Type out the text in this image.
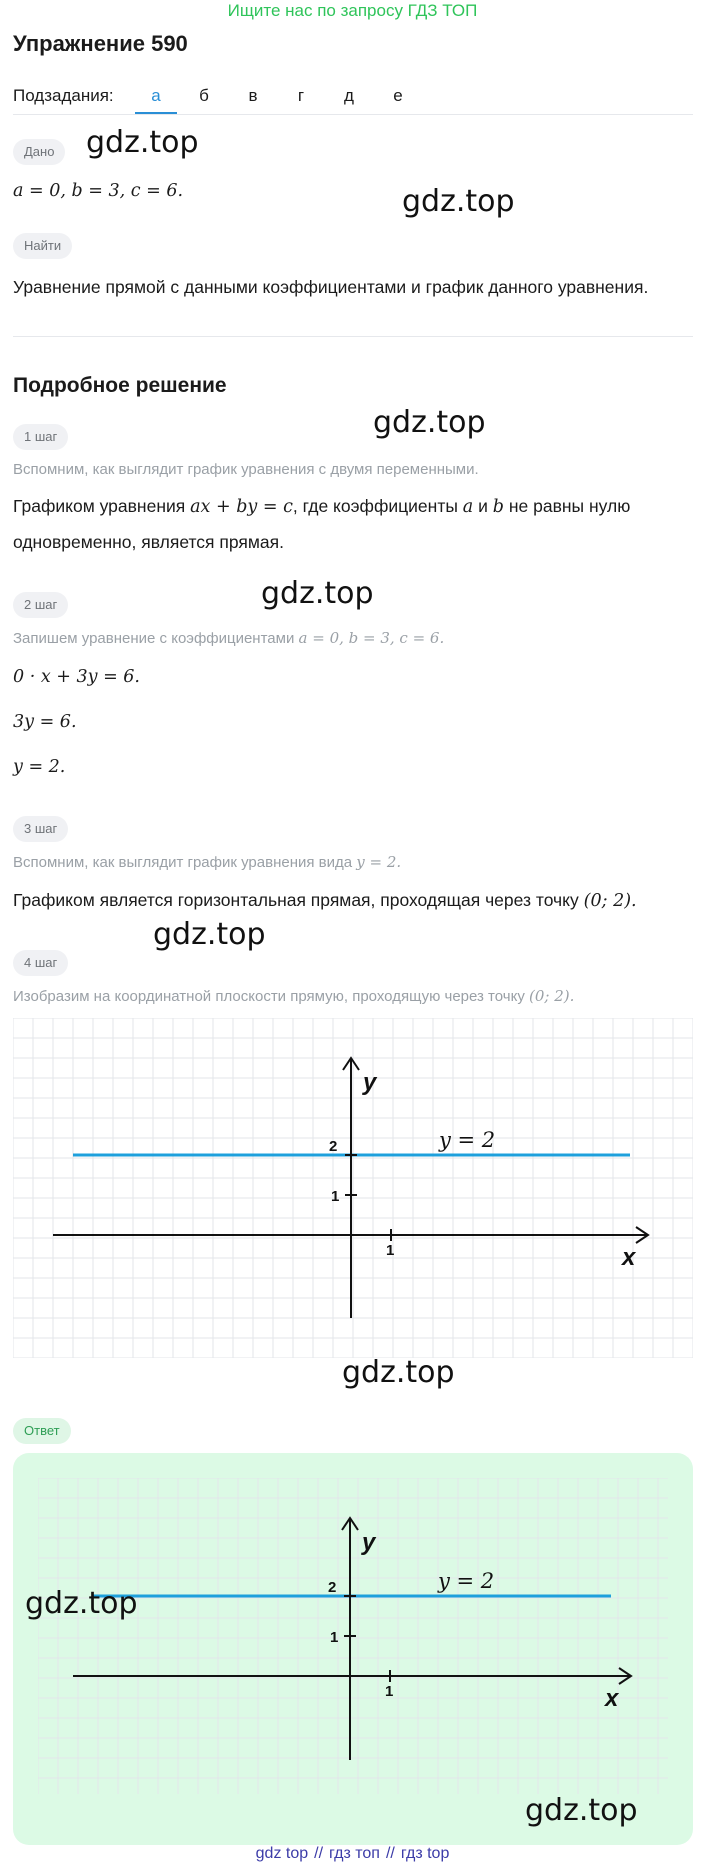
Ищите нас по запросу ГДЗ ТОП
Упражнение 590
Подзадания:	а	б	в	г	д	е
Дано	gdz.top
a = 0, b = 3, c = 6.	gdz.top
Найти
Уравнение прямой с данными коэффициентами и график данного уравнения.
Подробное решение
1 шаг	gdz.top
Вспомним, как выглядит график уравнения с двумя переменными.
Графиком уравнения ax + by = c, где коэффициенты a и b не равны нулю
одновременно, является прямая.
2 шаг	gdz.top
Запишем уравнение с коэффициентами a = 0, b = 3, c = 6.
0 · x + 3y = 6.
3y = 6.
y = 2.
3 шаг
Вспомним, как выглядит график уравнения вида y = 2.
Графиком является горизонтальная прямая, проходящая через точку (0; 2).
gdz.top
4 шаг
Изобразим на координатной плоскости прямую, проходящую через точку (0; 2).
1
1
2
x
y
y = 2
gdz.top
Ответ
1
1
2
x
y
y = 2
gdz.top
gdz.top
gdz top // гдз топ // гдз top
